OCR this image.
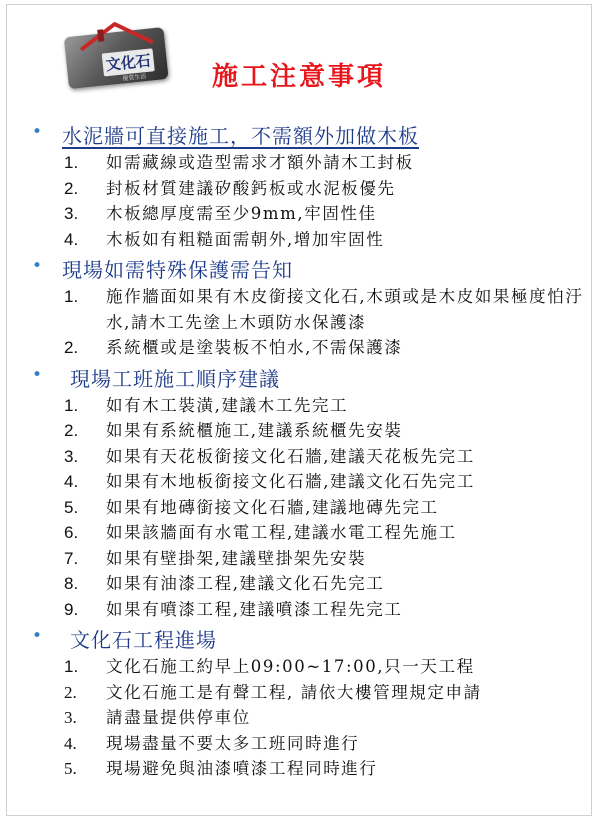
文化石
優質生活	施工注意事項
• 水泥牆可直接施工，不需額外加做木板
1.	如需藏線或造型需求才額外請木工封板
2.	封板材質建議矽酸鈣板或水泥板優先
3.	木板總厚度需至少9mm,牢固性佳
4.	木板如有粗糙面需朝外,增加牢固性
• 現場如需特殊保護需告知
1.	施作牆面如果有木皮銜接文化石,木頭或是木皮如果極度怕汙水,請木工先塗上木頭防水保護漆
2.	系統櫃或是塗裝板不怕水,不需保護漆
• 現場工班施工順序建議
1.	如有木工裝潢,建議木工先完工
2.	如果有系統櫃施工,建議系統櫃先安裝
3.	如果有天花板銜接文化石牆,建議天花板先完工
4.	如果有木地板銜接文化石牆,建議文化石先完工
5.	如果有地磚銜接文化石牆,建議地磚先完工
6.	如果該牆面有水電工程,建議水電工程先施工
7.	如果有壁掛架,建議壁掛架先安裝
8.	如果有油漆工程,建議文化石先完工
9.	如果有噴漆工程,建議噴漆工程先完工
• 文化石工程進場
1.	文化石施工約早上09:00~17:00,只一天工程
2.	文化石施工是有聲工程, 請依大樓管理規定申請
3.	請盡量提供停車位
4.	現場盡量不要太多工班同時進行
5.	現場避免與油漆噴漆工程同時進行
